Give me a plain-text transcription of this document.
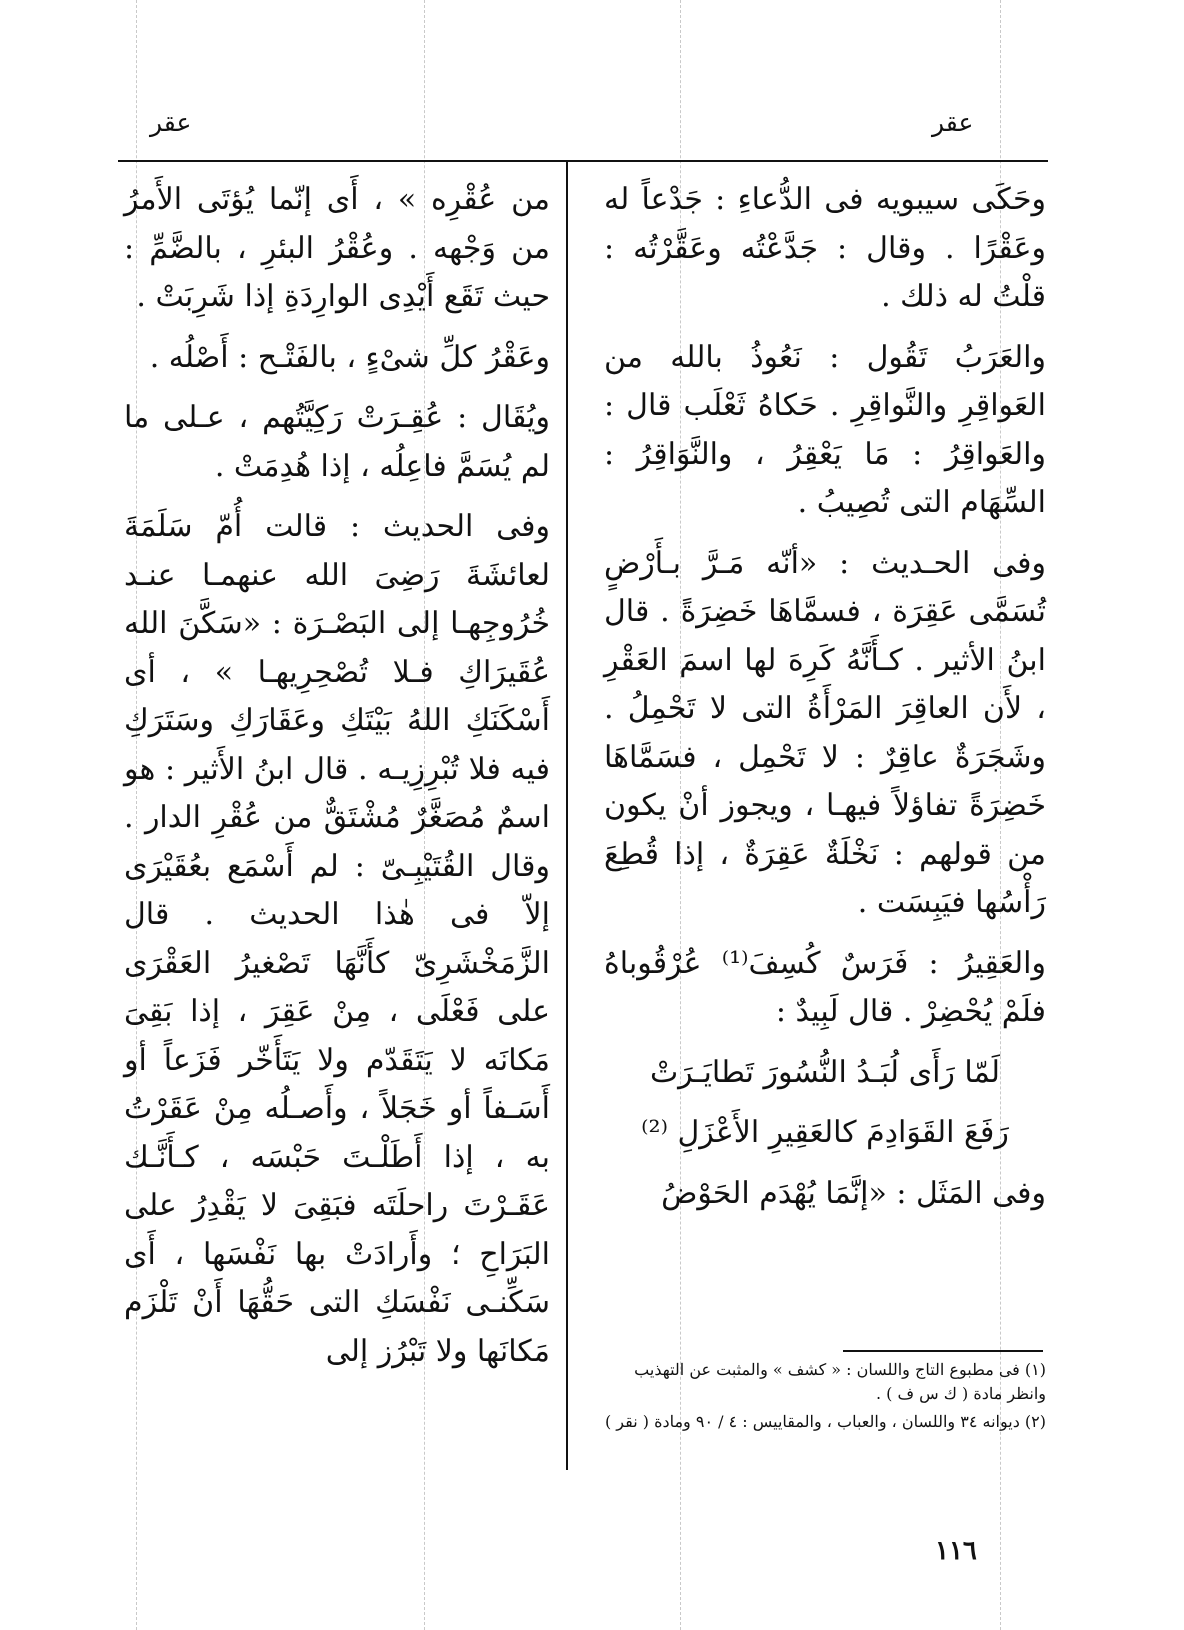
عقر
عقر

وحَكَى سيبويه فى الدُّعاءِ : جَدْعاً له وعَقْرًا . وقال : جَدَّعْتُه وعَقَّرْتُه : قلْتُ له ذلك .

والعَرَبُ تَقُول : نَعُوذُ بالله من العَواقِرِ والنَّواقِرِ . حَكاهُ ثَعْلَب قال : والعَواقِرُ : مَا يَعْقِرُ ، والنَّوَاقِرُ : السِّهَام التى تُصِيبُ .

وفى الحـديث : «أنّه مَـرَّ بـأَرْضٍ تُسَمَّى عَقِرَة ، فسمَّاهَا خَضِرَةً . قال ابنُ الأثير . كـأَنَّهُ كَرِهَ لها اسمَ العَقْرِ ، لأَن العاقِرَ المَرْأَةُ التى لا تَحْمِلُ . وشَجَرَةٌ عاقِرٌ : لا تَحْمِل ، فسَمَّاهَا خَضِرَةً تفاؤلاً فيهـا ، ويجوز أنْ يكون من قولهم : نَخْلَةٌ عَقِرَةٌ ، إذا قُطِعَ رَأْسُها فيَبِسَت .

والعَقِيرُ : فَرَسٌ كُسِفَ⁽¹⁾ عُرْقُوباهُ فلَمْ يُحْضِرْ . قال لَبِيدٌ :

لَمّا رَأَى لُبَـدُ النُّسُورَ تَطايَـرَتْ

رَفَعَ القَوَادِمَ كالعَقِيرِ الأَعْزَلِ ⁽²⁾

وفى المَثَل : «إنَّمَا يُهْدَم الحَوْضُ

من عُقْرِه » ، أَى إنّما يُؤتَى الأَمرُ من وَجْهه . وعُقْرُ البئرِ ، بالضَّمِّ : حيث تَقَع أَيْدِى الوارِدَةِ إذا شَرِبَتْ .

وعَقْرُ كلِّ شىْءٍ ، بالفَتْـح : أَصْلُه .

ويُقَال : عُقِـرَتْ رَكِيَّتُهم ، عـلى ما لم يُسَمَّ فاعِلُه ، إذا هُدِمَتْ .

وفى الحديث : قالت أُمّ سَلَمَةَ لعائشَةَ رَضِىَ الله عنهمـا عنـد خُرُوجِهـا إلى البَصْـرَة : «سَكَّنَ الله عُقَيرَاكِ فـلا تُصْحِرِيهـا » ، أى أَسْكَنَكِ اللهُ بَيْتَكِ وعَقَارَكِ وسَتَرَكِ فيه فلا تُبْرِزِيـه . قال ابنُ الأَثير : هو اسمٌ مُصَغَّرٌ مُشْتَقٌّ من عُقْرِ الدار . وقال القُتَيْبِـىّ : لم أَسْمَع بعُقَيْرَى إلاّ فى هٰذا الحديث . قال الزَّمَخْشَرِىّ كأَنَّهَا تَصْغيرُ العَقْرَى على فَعْلَى ، مِنْ عَقِرَ ، إذا بَقِىَ مَكانَه لا يَتَقَدّم ولا يَتَأَخّر فَزَعاً أو أَسَـفاً أو خَجَلاً ، وأَصـلُه مِنْ عَقَرْتُ به ، إذا أَطَلْـتَ حَبْسَه ، كـأَنَّـك عَقَـرْتَ راحلَتَه فبَقِىَ لا يَقْدِرُ على البَرَاحِ ؛ وأَرادَتْ بها نَفْسَها ، أَى سَكِّنـى نَفْسَكِ التى حَقُّهَا أَنْ تَلْزَم مَكانَها ولا تَبْرُز إلى

(١) فى مطبوع التاج واللسان : « كشف » والمثبت عن التهذيب وانظر مادة ( ك س ف ) .

(٢) ديوانه ٣٤ واللسان ، والعباب ، والمقاييس : ٤ / ٩٠ ومادة ( نقر )

١١٦
